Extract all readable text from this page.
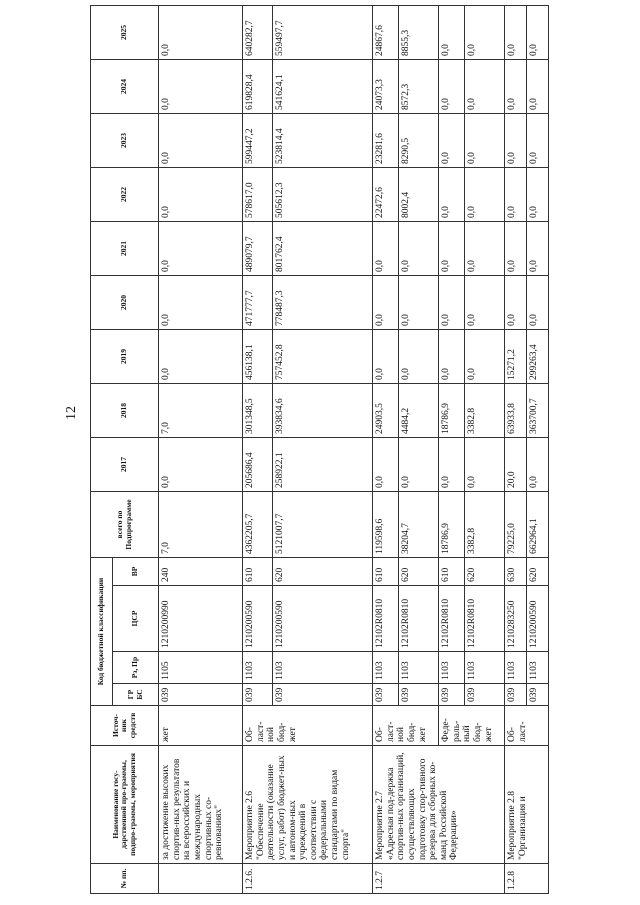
12
№ пп.	Наименование госу-дарственной про-граммы, подпро-граммы, мероприятия	Источ-ник средств	Код бюджетной классификации				всего по Подпрограмме	2017	2018	2019	2020	2021	2022	2023	2024	2025
			ГР БС	Рз, Пр	ЦСР	ВР										
	за достижение высоких спортив-ных результатов на всероссийских и международных спортивных со-ревнованиях"	жет	039	1105	1210200990	240	7,0	0,0	7,0	0,0	0,0	0,0	0,0	0,0	0,0	0,0
1.2.6.	Мероприятие 2.6 "Обеспечение деятельности (оказание услуг, работ) бюджет-ных и автоном-ных учреждений в соответствии с федеральными стандартами по видам спорта"	Об-ласт-ной бюд-жет	039	1103	1210200590	610	4362205,7	205686,4	301348,5	456138,1	471777,7	489079,7	578617,0	599447,2	619828,4	640282,7
			039	1103	1210200590	620	5121007,7	258922,1	393834,6	757452,8	778487,3	801762,4	505612,3	523814,4	541624,1	559497,7
1.2.7	Мероприятие 2.7 «Адресная под-держка спортив-ных организаций, осуществляющих подготовку спор-тивного резерва для сборных ко-манд Российской Федерации»	Об-ласт-ной бюд-жет	039	1103	12102R0810	610	119598,6	0,0	24903,5	0,0	0,0	0,0	22472,6	23281,6	24073,3	24867,6
			039	1103	12102R0810	620	38204,7	0,0	4484,2	0,0	0,0	0,0	8002,4	8290,5	8572,3	8855,3
		Феде-раль-ный бюд-жет	039	1103	12102R0810	610	18786,9	0,0	18786,9	0,0	0,0	0,0	0,0	0,0	0,0	0,0
			039	1103	12102R0810	620	3382,8	0,0	3382,8	0,0	0,0	0,0	0,0	0,0	0,0	0,0
1.2.8	Мероприятие 2.8 "Организация и	Об-ласт-	039	1103	1210283250	630	79225,0	20,0	63933,8	15271,2	0,0	0,0	0,0	0,0	0,0	0,0
			039	1103	1210200590	620	662964,1	0,0	363700,7	299263,4	0,0	0,0	0,0	0,0	0,0	0,0
